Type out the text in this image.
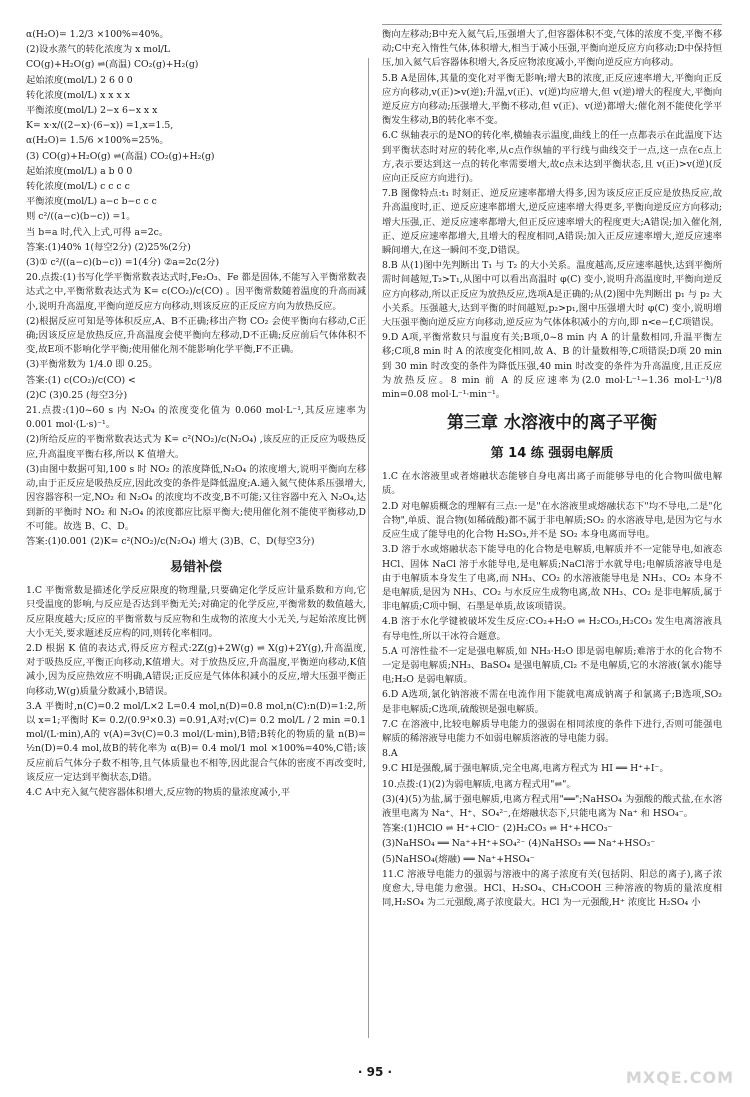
α(H₂O)= 1.2/3 ×100%=40%。

(2)设水蒸气的转化浓度为 x mol/L

CO(g)+H₂O(g) ⇌(高温) CO₂(g)+H₂(g)

起始浓度(mol/L) 2 6 0 0

转化浓度(mol/L) x x x x

平衡浓度(mol/L) 2−x 6−x x x

K= x·x/((2−x)·(6−x)) =1,x=1.5,

α(H₂O)= 1.5/6 ×100%=25%。

(3) CO(g)+H₂O(g) ⇌(高温) CO₂(g)+H₂(g)

起始浓度(mol/L) a b 0 0

转化浓度(mol/L) c c c c

平衡浓度(mol/L) a−c b−c c c

则 c²/((a−c)(b−c)) =1。

当 b=a 时,代入上式,可得 a=2c。

答案:(1)40% 1(每空2分) (2)25%(2分)

(3)① c²/((a−c)(b−c)) =1(4分) ②a=2c(2分)

20.点拨:(1)书写化学平衡常数表达式时,Fe₂O₃、Fe 都是固体,不能写入平衡常数表达式之中,平衡常数表达式为 K= c(CO₂)/c(CO) 。因平衡常数随着温度的升高而减小,说明升高温度,平衡向逆反应方向移动,则该反应的正反应方向为放热反应。

(2)根据反应可知是等体积反应,A、B不正确;移出产物 CO₂ 会使平衡向右移动,C正确;因该反应是放热反应,升高温度会使平衡向左移动,D不正确;反应前后气体体积不变,故E项不影响化学平衡;使用催化剂不能影响化学平衡,F不正确。

(3)平衡常数为 1/4.0 即 0.25。

答案:(1) c(CO₂)/c(CO) <

(2)C (3)0.25 (每空3分)

21.点拨:(1)0~60 s 内 N₂O₄ 的浓度变化值为 0.060 mol·L⁻¹,其反应速率为 0.001 mol·(L·s)⁻¹。

(2)所给反应的平衡常数表达式为 K= c²(NO₂)/c(N₂O₄) ,该反应的正反应为吸热反应,升高温度平衡右移,所以 K 值增大。

(3)由图中数据可知,100 s 时 NO₂ 的浓度降低,N₂O₄ 的浓度增大,说明平衡向左移动,由于正反应是吸热反应,因此改变的条件是降低温度;A.通入氦气使体系压强增大,因容器容积一定,NO₂ 和 N₂O₄ 的浓度均不改变,B不可能;又往容器中充入 N₂O₄,达到新的平衡时 NO₂ 和 N₂O₄ 的浓度都应比原平衡大;使用催化剂不能使平衡移动,D不可能。故选 B、C、D。

答案:(1)0.001 (2)K= c²(NO₂)/c(N₂O₄) 增大 (3)B、C、D(每空3分)

易错补偿

1.C 平衡常数是描述化学反应限度的物理量,只要确定化学反应计量系数和方向,它只受温度的影响,与反应是否达到平衡无关;对确定的化学反应,平衡常数的数值越大,反应限度越大;反应的平衡常数与反应物和生成物的浓度大小无关,与起始浓度比例大小无关,要求题述反应构的同,则转化率相同。

2.D 根据 K 值的表达式,得反应方程式:2Z(g)+2W(g) ⇌ X(g)+2Y(g),升高温度,对于吸热反应,平衡正向移动,K值增大。对于放热反应,升高温度,平衡逆向移动,K值减小,因为反应热效应不明确,A错误;正反应是气体体积减小的反应,增大压强平衡正向移动,W(g)质量分数减小,B错误。

3.A 平衡时,n(C)=0.2 mol/L×2 L=0.4 mol,n(D)=0.8 mol,n(C):n(D)=1:2,所以 x=1;平衡时 K= 0.2/(0.9³×0.3) =0.91,A对;v(C)= 0.2 mol/L / 2 min =0.1 mol/(L·min),A的 v(A)=3v(C)=0.3 mol/(L·min),B错;B转化的物质的量 n(B)= ½n(D)=0.4 mol,故B的转化率为 α(B)= 0.4 mol/1 mol ×100%=40%,C错;该反应前后气体分子数不相等,且气体质量也不相等,因此混合气体的密度不再改变时,该反应一定达到平衡状态,D错。

4.C A中充入氦气使容器体积增大,反应物的物质的量浓度减小,平

衡向左移动;B中充入氦气后,压强增大了,但容器体积不变,气体的浓度不变,平衡不移动;C中充入惰性气体,体积增大,相当于减小压强,平衡向逆反应方向移动;D中保持恒压,加入氦气后容器体积增大,各反应物浓度减小,平衡向逆反应方向移动。

5.B A是固体,其量的变化对平衡无影响;增大B的浓度,正反应速率增大,平衡向正反应方向移动,v(正)>v(逆);升温,v(正)、v(逆)均应增大,但 v(逆)增大的程度大,平衡向逆反应方向移动;压强增大,平衡不移动,但 v(正)、v(逆)都增大;催化剂不能使化学平衡发生移动,B的转化率不变。

6.C 纵轴表示的是NO的转化率,横轴表示温度,曲线上的任一点都表示在此温度下达到平衡状态时对应的转化率,从c点作纵轴的平行线与曲线交于一点,这一点在c点上方,表示要达到这一点的转化率需要增大,故c点未达到平衡状态,且 v(正)>v(逆)(反应向正反应方向进行)。

7.B 图像特点:t₁ 时刻正、逆反应速率都增大得多,因为该反应正反应是放热反应,故升高温度时,正、逆反应速率都增大,逆反应速率增大得更多,平衡向逆反应方向移动;增大压强,正、逆反应速率都增大,但正反应速率增大的程度更大;A错误;加入催化剂,正、逆反应速率都增大,且增大的程度相同,A错误;加入正反应速率增大,逆反应速率瞬间增大,在这一瞬间不变,D错误。

8.B 从(1)图中先判断出 T₁ 与 T₂ 的大小关系。温度越高,反应速率越快,达到平衡所需时间越短,T₂>T₁,从图中可以看出高温时 φ(C) 变小,说明升高温度时,平衡向逆反应方向移动,所以正反应为放热反应,选项A是正确的;从(2)图中先判断出 p₁ 与 p₂ 大小关系。压强越大,达到平衡的时间越短,p₂>p₁,图中压强增大时 φ(C) 变小,说明增大压强平衡向逆反应方向移动,逆反应为气体体积减小的方向,即 n<e−f,C项错误。

9.D A项,平衡常数只与温度有关;B项,0~8 min 内 A 的计量数相同,升温平衡左移;C项,8 min 时 A 的浓度变化相同,故 A、B 的计量数相等,C项错误;D项 20 min 到 30 min 时改变的条件为降低压强,40 min 时改变的条件为升高温度,且正反应为放热反应。8 min 前 A 的反应速率为(2.0 mol·L⁻¹−1.36 mol·L⁻¹)/8 min=0.08 mol·L⁻¹·min⁻¹。

第三章 水溶液中的离子平衡
第 14 练 强弱电解质

1.C 在水溶液里或者熔融状态能够自身电离出离子而能够导电的化合物叫做电解质。

2.D 对电解质概念的理解有三点:一是"在水溶液里或熔融状态下"均不导电,二是"化合物",单质、混合物(如稀硫酸)都不属于非电解质;SO₂ 的水溶液导电,是因为它与水反应生成了能导电的化合物 H₂SO₃,并不是 SO₂ 本身电离而导电。

3.D 溶于水或熔融状态下能导电的化合物是电解质,电解质并不一定能导电,如液态 HCl、固体 NaCl 溶于水能导电,是电解质;NaCl溶于水就导电;电解质溶液导电是由于电解质本身发生了电离,而 NH₃、CO₂ 的水溶液能导电是 NH₃、CO₂ 本身不是电解质,是因为 NH₃、CO₂ 与水反应生成物电离,故 NH₃、CO₂ 是非电解质,属于非电解质;C项中铜、石墨是单质,故该项错误。

4.B 溶于水化学键被破坏发生反应:CO₂+H₂O ⇌ H₂CO₃,H₂CO₃ 发生电离溶液具有导电性,所以干冰符合题意。

5.A 可溶性盐不一定是强电解质,如 NH₃·H₂O 即是弱电解质;难溶于水的化合物不一定是弱电解质;NH₃、BaSO₄ 是强电解质,Cl₂ 不是电解质,它的水溶液(氯水)能导电;H₂O 是弱电解质。

6.D A选项,氯化钠溶液不需在电流作用下能就电离成钠离子和氯离子;B选项,SO₂ 是非电解质;C选项,硫酸钡是强电解质。

7.C 在溶液中,比较电解质导电能力的强弱在相同浓度的条件下进行,否则可能强电解质的稀溶液导电能力不如弱电解质溶液的导电能力弱。

8.A

9.C HI是强酸,属于强电解质,完全电离,电离方程式为 HI ══ H⁺+I⁻。

10.点拨:(1)(2)为弱电解质,电离方程式用"⇌"。

(3)(4)(5)为盐,属于强电解质,电离方程式用"══";NaHSO₄ 为强酸的酸式盐,在水溶液里电离为 Na⁺、H⁺、SO₄²⁻,在熔融状态下,只能电离为 Na⁺ 和 HSO₄⁻。

答案:(1)HClO ⇌ H⁺+ClO⁻ (2)H₂CO₃ ⇌ H⁺+HCO₃⁻

(3)NaHSO₄ ══ Na⁺+H⁺+SO₄²⁻ (4)NaHSO₃ ══ Na⁺+HSO₃⁻

(5)NaHSO₄(熔融) ══ Na⁺+HSO₄⁻

11.C 溶液导电能力的强弱与溶液中的离子浓度有关(包括阴、阳总的离子),离子浓度愈大,导电能力愈强。HCl、H₂SO₄、CH₃COOH 三种溶液的物质的量浓度相同,H₂SO₄ 为二元强酸,离子浓度最大。HCl 为一元强酸,H⁺ 浓度比 H₂SO₄ 小

· 95 ·	MXQE.COM
